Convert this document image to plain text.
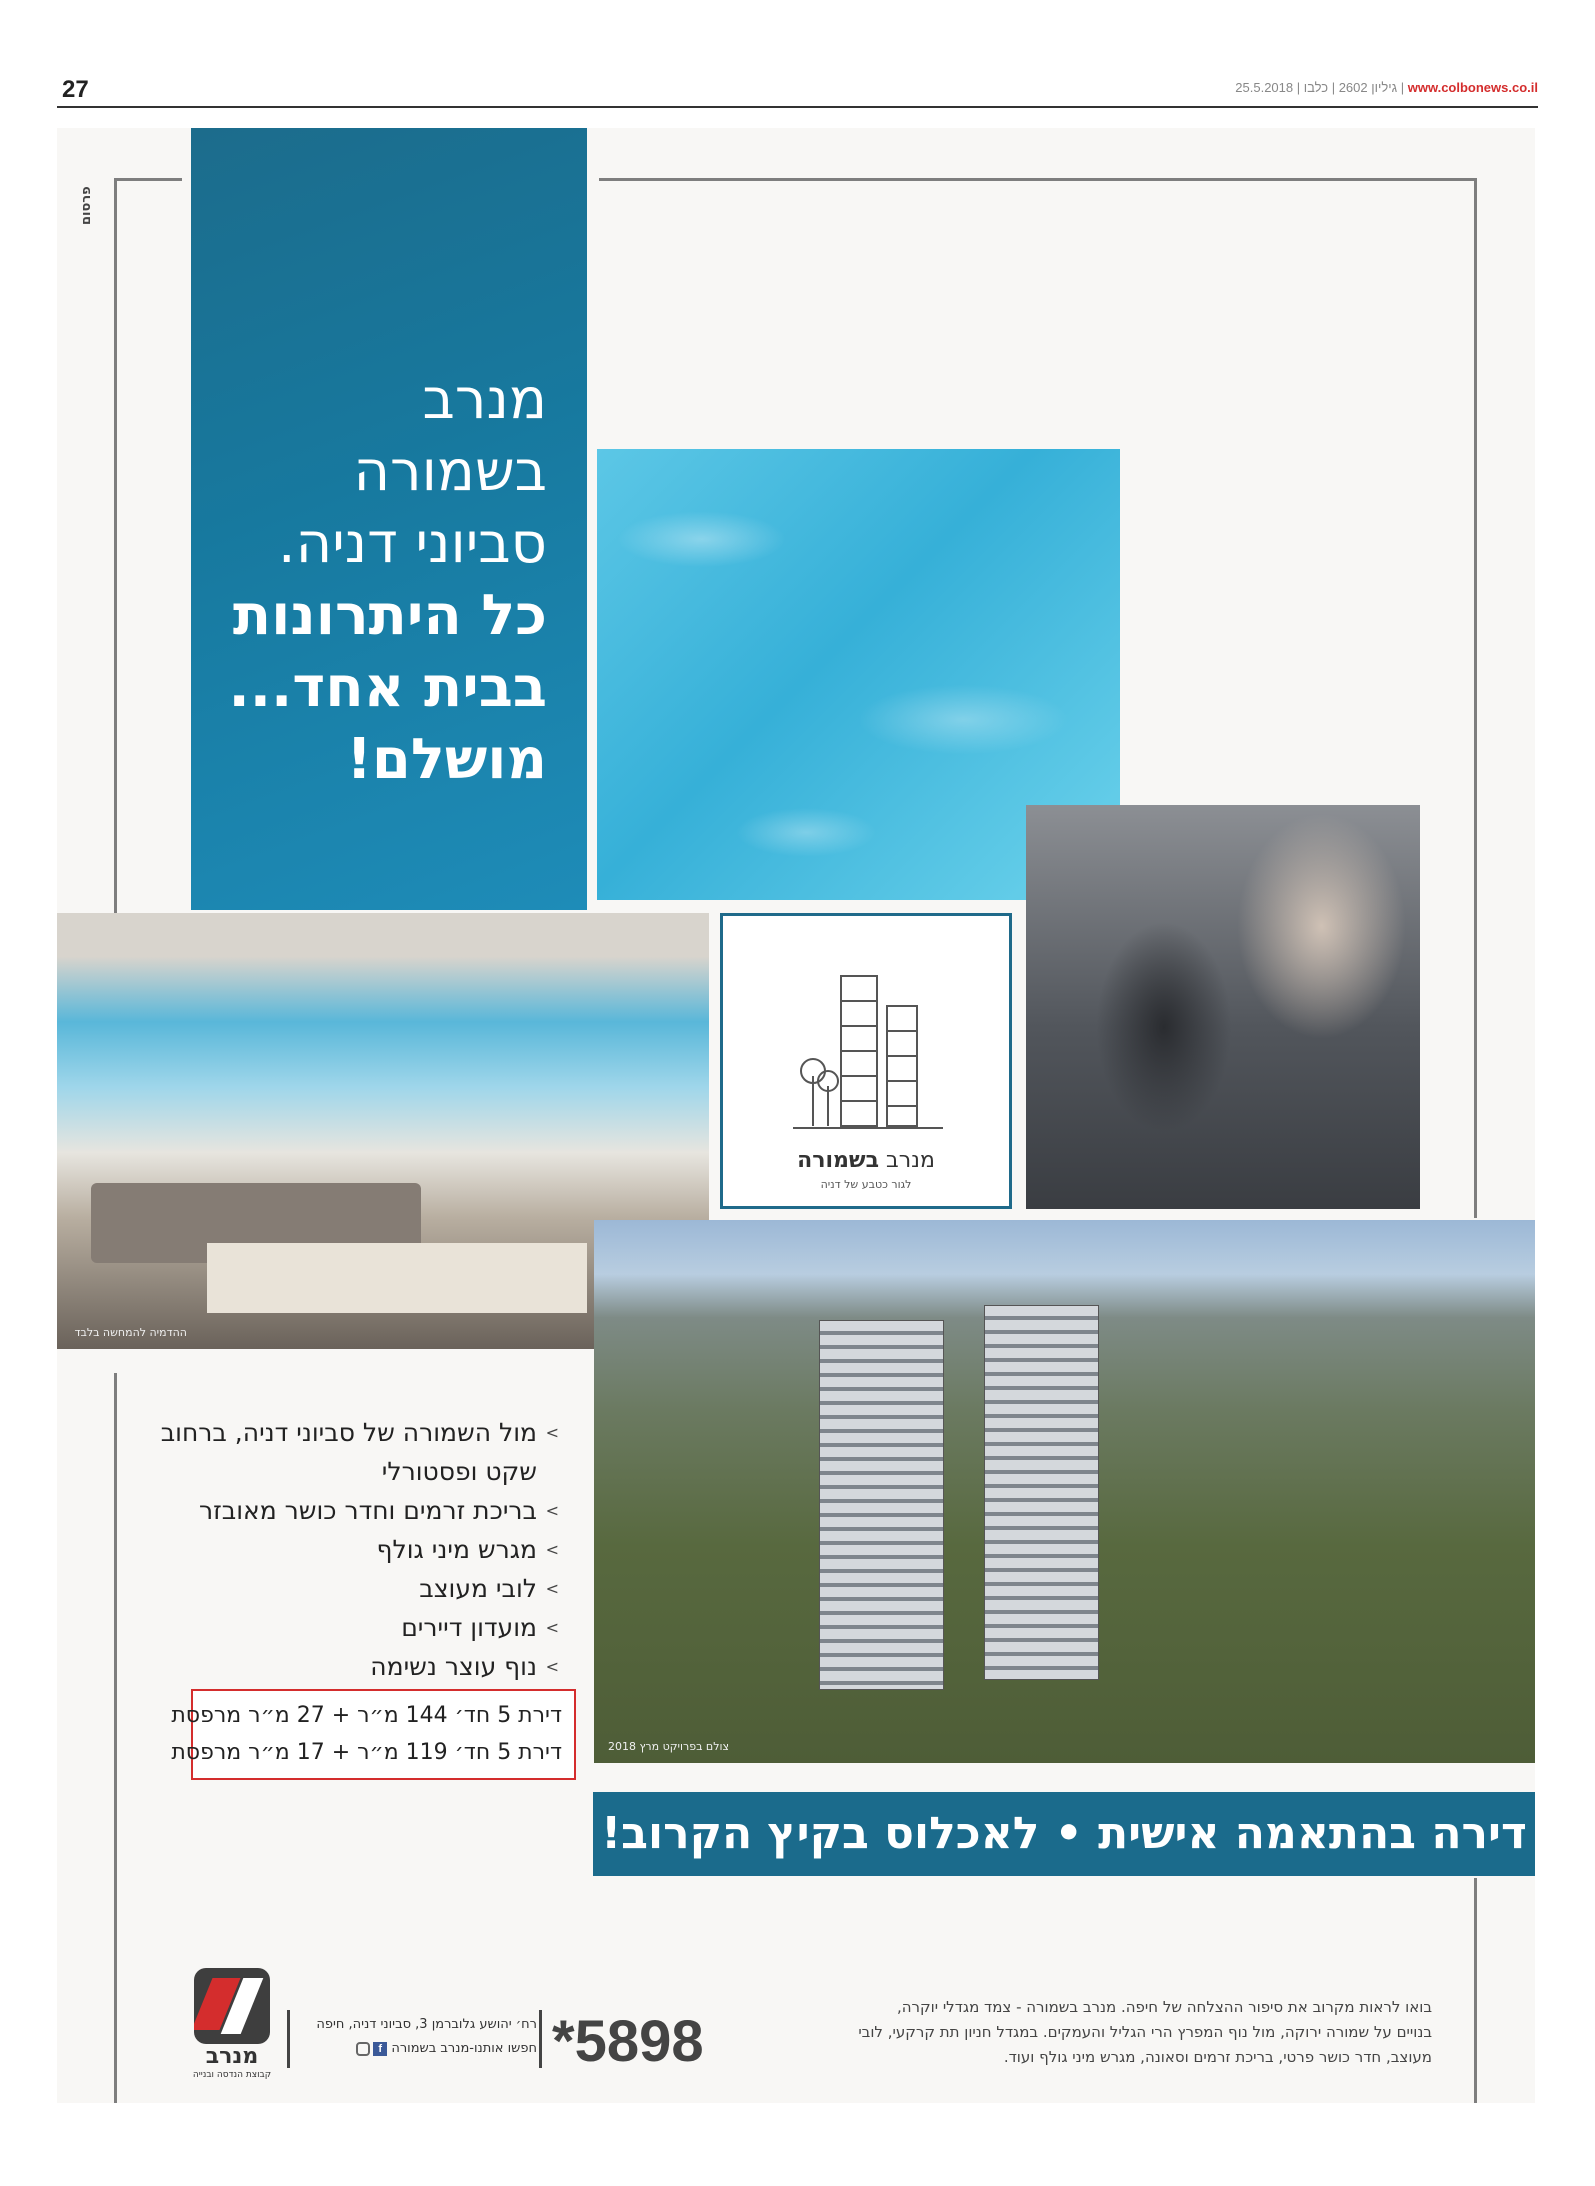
27	25.5.2018 |	גיליון 2602 | כלבו	| www.colbonews.co.il
פרסום
מנרב
בשמורה
סביוני דניה.
כל היתרונות
בבית אחד...
מושלם!
ההדמיה להמחשה בלבד
מנרב בשמורה
לגור כטבע של דניה
צולם בפרויקט מרץ 2018
>
מול השמורה של סביוני דניה, ברחוב שקט ופסטורלי
>
בריכת זרמים וחדר כושר מאובזר
>
מגרש מיני גולף
>
לובי מעוצב
>
מועדון דיירים
>
נוף עוצר נשימה
דירת 5 חד׳ 144 מ״ר + 27 מ״ר מרפסת
דירת 5 חד׳ 119 מ״ר + 17 מ״ר מרפסת
דירה בהתאמה אישית • לאכלוס בקיץ הקרוב!
מנרב
קבוצת הנדסה ובנייה
רח׳ יהושע גלוברמן 3, סביוני דניה, חיפה
חפשו אותנו-מנרב בשמורה f	*5898
בואו לראות מקרוב את סיפור ההצלחה של חיפה. מנרב בשמורה - צמד מגדלי יוקרה, בנויים על שמורה ירוקה, מול נוף המפרץ הרי הגליל והעמקים. במגדל חניון תת קרקעי, לובי מעוצב, חדר כושר פרטי, בריכת זרמים וסאונה, מגרש מיני גולף ועוד.
